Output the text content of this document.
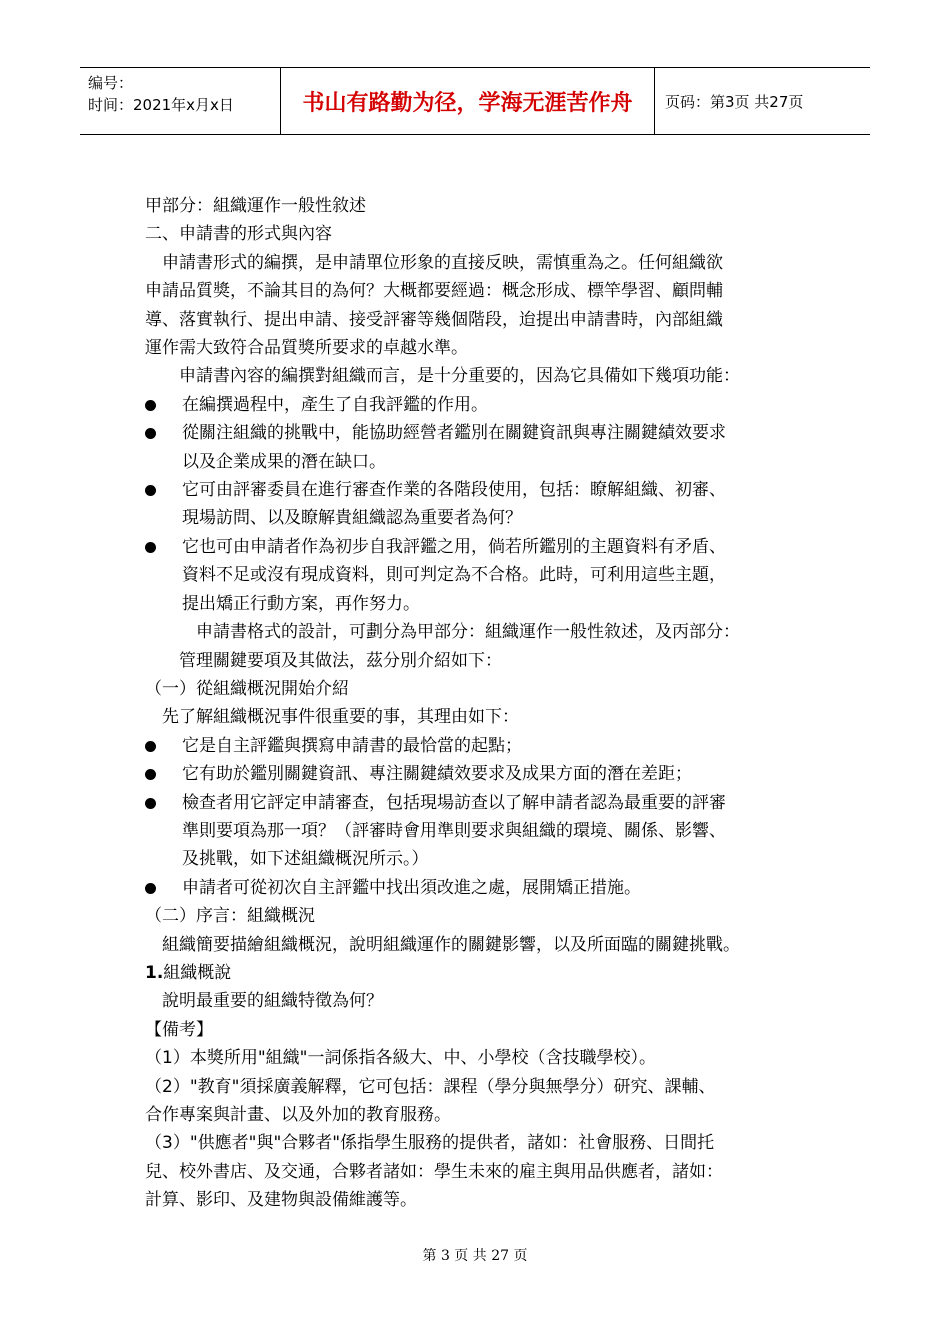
编号：
时间：2021年x月x日	书山有路勤为径，学海无涯苦作舟	页码：第3页 共27页

甲部分：組織運作一般性敘述

二、申請書的形式與內容

申請書形式的編撰，是申請單位形象的直接反映，需慎重為之。任何組織欲

申請品質獎，不論其目的為何？大概都要經過：概念形成、標竿學習、顧問輔

導、落實執行、提出申請、接受評審等幾個階段，迨提出申請書時，內部組織

運作需大致符合品質獎所要求的卓越水準。

申請書內容的編撰對組織而言，是十分重要的，因為它具備如下幾項功能：

在編撰過程中，產生了自我評鑑的作用。

從關注組織的挑戰中，能協助經營者鑑別在關鍵資訊與專注關鍵績效要求

以及企業成果的潛在缺口。

它可由評審委員在進行審查作業的各階段使用，包括：瞭解組織、初審、

現場訪問、以及瞭解貴組織認為重要者為何？

它也可由申請者作為初步自我評鑑之用，倘若所鑑別的主題資料有矛盾、

資料不足或沒有現成資料，則可判定為不合格。此時，可利用這些主題，

提出矯正行動方案，再作努力。

申請書格式的設計，可劃分為甲部分：組織運作一般性敘述，及丙部分：

管理關鍵要項及其做法，茲分別介紹如下：

（一）從組織概況開始介紹

先了解組織概況事件很重要的事，其理由如下：

它是自主評鑑與撰寫申請書的最恰當的起點；

它有助於鑑別關鍵資訊、專注關鍵績效要求及成果方面的潛在差距；

檢查者用它評定申請審查，包括現場訪查以了解申請者認為最重要的評審

準則要項為那一項？（評審時會用準則要求與組織的環境、關係、影響、

及挑戰，如下述組織概況所示。）

申請者可從初次自主評鑑中找出須改進之處，展開矯正措施。

（二）序言：組織概況

組織簡要描繪組織概況，說明組織運作的關鍵影響，以及所面臨的關鍵挑戰。

1.組織概說

說明最重要的組織特徵為何？

【備考】

（1）本獎所用"組織"一詞係指各級大、中、小學校（含技職學校）。

（2）"教育"須採廣義解釋，它可包括：課程（學分與無學分）研究、課輔、

合作專案與計畫、以及外加的教育服務。

（3）"供應者"與"合夥者"係指學生服務的提供者，諸如：社會服務、日間托

兒、校外書店、及交通，合夥者諸如：學生未來的雇主與用品供應者，諸如：

計算、影印、及建物與設備維護等。

第 3 页 共 27 页
